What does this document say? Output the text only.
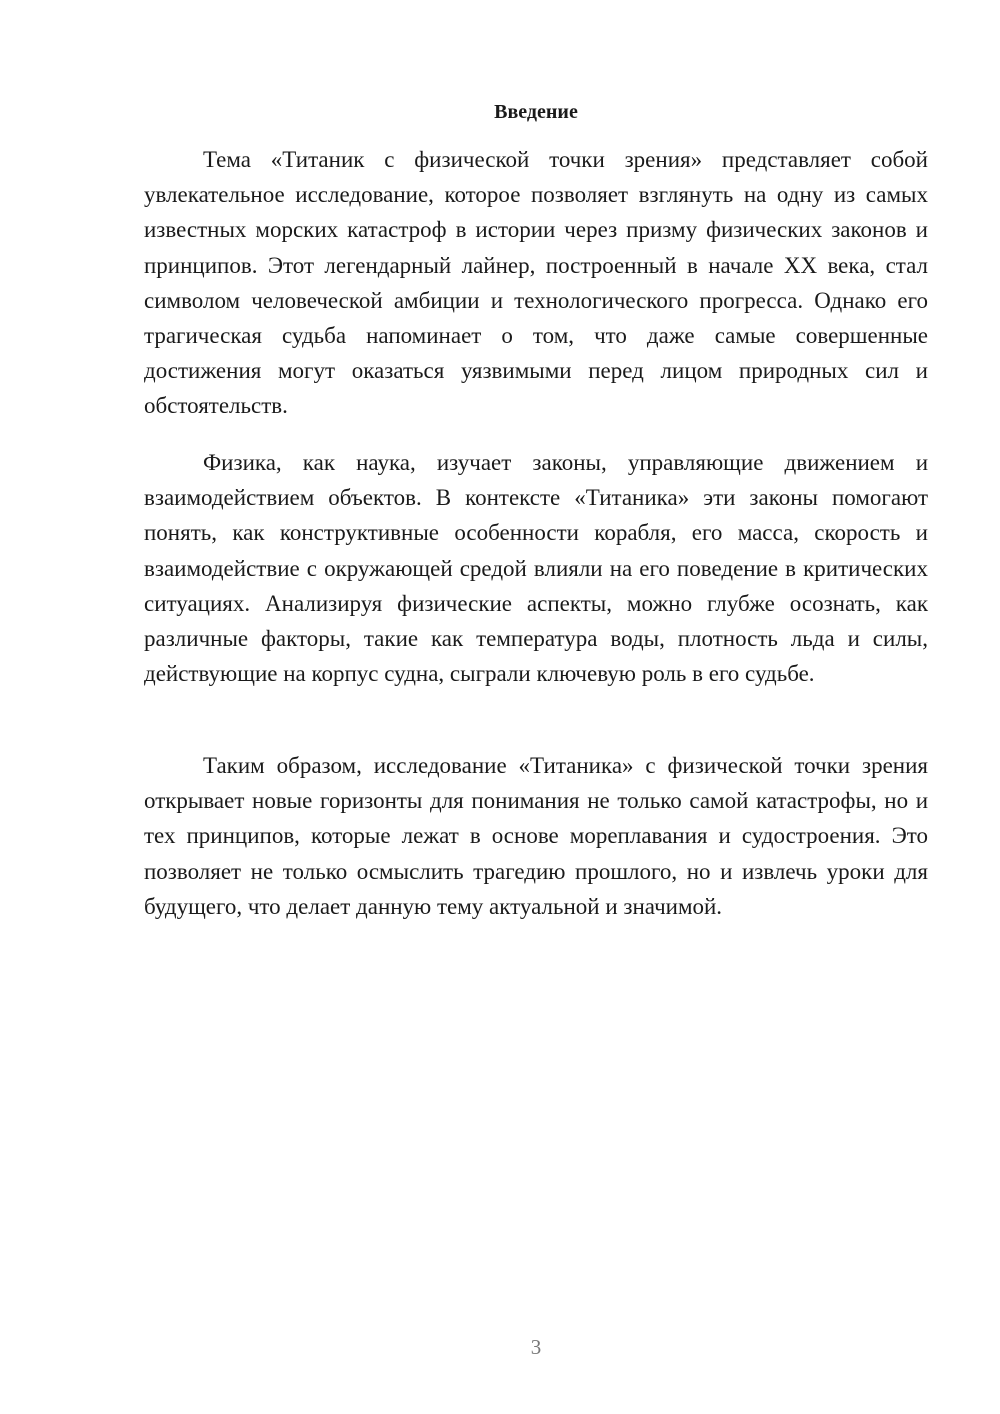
Введение

Тема «Титаник с физической точки зрения» представляет собой увлекательное исследование, которое позволяет взглянуть на одну из самых известных морских катастроф в истории через призму физических законов и принципов. Этот легендарный лайнер, построенный в начале XX века, стал символом человеческой амбиции и технологического прогресса. Однако его трагическая судьба напоминает о том, что даже самые совершенные достижения могут оказаться уязвимыми перед лицом природных сил и обстоятельств.

Физика, как наука, изучает законы, управляющие движением и взаимодействием объектов. В контексте «Титаника» эти законы помогают понять, как конструктивные особенности корабля, его масса, скорость и взаимодействие с окружающей средой влияли на его поведение в критических ситуациях. Анализируя физические аспекты, можно глубже осознать, как различные факторы, такие как температура воды, плотность льда и силы, действующие на корпус судна, сыграли ключевую роль в его судьбе.

Таким образом, исследование «Титаника» с физической точки зрения открывает новые горизонты для понимания не только самой катастрофы, но и тех принципов, которые лежат в основе мореплавания и судостроения. Это позволяет не только осмыслить трагедию прошлого, но и извлечь уроки для будущего, что делает данную тему актуальной и значимой.

3
